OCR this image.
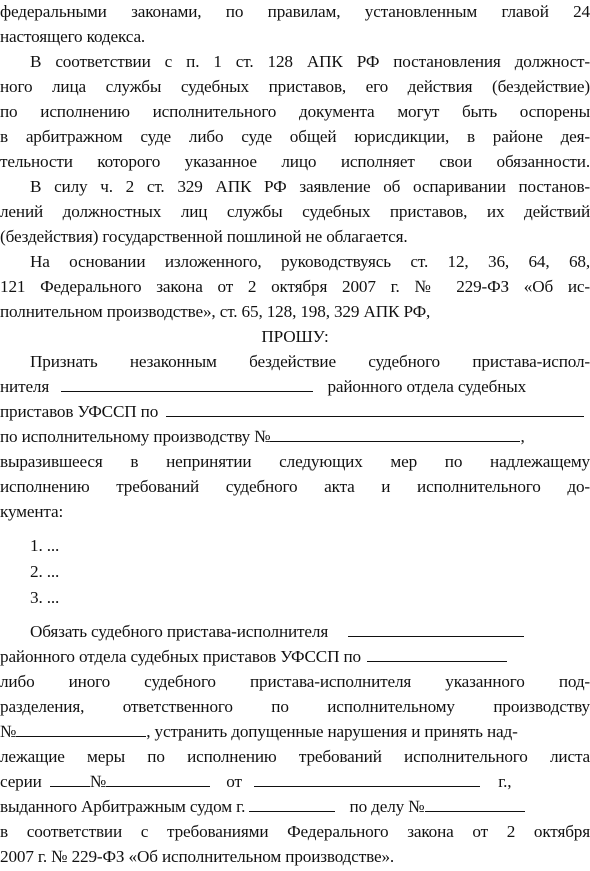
федеральными законами, по правилам, установленным главой 24
настоящего кодекса.
В соответствии с п. 1 ст. 128 АПК РФ постановления должност-
ного лица службы судебных приставов, его действия (бездействие)
по исполнению исполнительного документа могут быть оспорены
в арбитражном суде либо суде общей юрисдикции, в районе дея-
тельности которого указанное лицо исполняет свои обязанности.
В силу ч. 2 ст. 329 АПК РФ заявление об оспаривании постанов-
лений должностных лиц службы судебных приставов, их действий
(бездействия) государственной пошлиной не облагается.
На основании изложенного, руководствуясь ст. 12, 36, 64, 68,
121 Федерального закона от 2 октября 2007 г. № 229-ФЗ «Об ис-
полнительном производстве», ст. 65, 128, 198, 329 АПК РФ,
ПРОШУ:
Признать незаконным бездействие судебного пристава-испол-
нителя	районного отдела судебных
приставов УФССП по
по исполнительному производству №	,
выразившееся в непринятии следующих мер по надлежащему
исполнению требований судебного акта и исполнительного до-
кумента:
1. ...
2. ...
3. ...
Обязать судебного пристава-исполнителя
районного отдела судебных приставов УФССП по
либо иного судебного пристава-исполнителя указанного под-
разделения, ответственного по исполнительному производству
№	, устранить допущенные нарушения и принять над-
лежащие меры по исполнению требований исполнительного листа
серии	№	от	г.,
выданного Арбитражным судом г.	по делу №
в соответствии с требованиями Федерального закона от 2 октября
2007 г. № 229-ФЗ «Об исполнительном производстве».
